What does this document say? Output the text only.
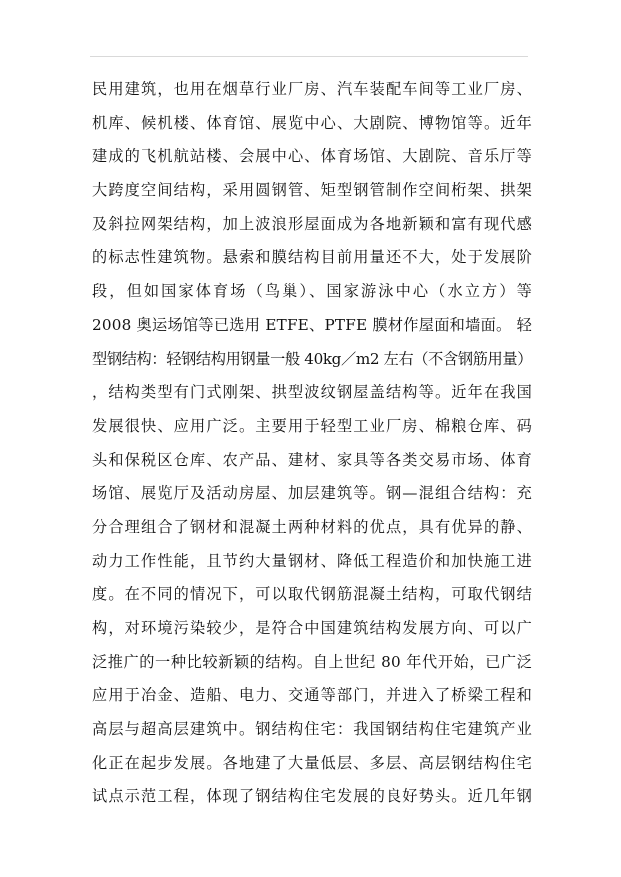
民用建筑，也用在烟草行业厂房、汽车装配车间等工业厂房、
机库、候机楼、体育馆、展览中心、大剧院、博物馆等。近年
建成的飞机航站楼、会展中心、体育场馆、大剧院、音乐厅等
大跨度空间结构，采用圆钢管、矩型钢管制作空间桁架、拱架
及斜拉网架结构，加上波浪形屋面成为各地新颖和富有现代感
的标志性建筑物。悬索和膜结构目前用量还不大，处于发展阶
段，但如国家体育场（鸟巢）、国家游泳中心（水立方）等
2008 奥运场馆等已选用 ETFE、PTFE 膜材作屋面和墙面。 轻
型钢结构：轻钢结构用钢量一般 40kg／m2 左右（不含钢筋用量）
，结构类型有门式刚架、拱型波纹钢屋盖结构等。近年在我国
发展很快、应用广泛。主要用于轻型工业厂房、棉粮仓库、码
头和保税区仓库、农产品、建材、家具等各类交易市场、体育
场馆、展览厅及活动房屋、加层建筑等。钢—混组合结构：充
分合理组合了钢材和混凝土两种材料的优点，具有优异的静、
动力工作性能，且节约大量钢材、降低工程造价和加快施工进
度。在不同的情况下，可以取代钢筋混凝土结构，可取代钢结
构，对环境污染较少，是符合中国建筑结构发展方向、可以广
泛推广的一种比较新颖的结构。自上世纪 80 年代开始，已广泛
应用于冶金、造船、电力、交通等部门，并进入了桥梁工程和
高层与超高层建筑中。钢结构住宅：我国钢结构住宅建筑产业
化正在起步发展。各地建了大量低层、多层、高层钢结构住宅
试点示范工程，体现了钢结构住宅发展的良好势头。近几年钢
